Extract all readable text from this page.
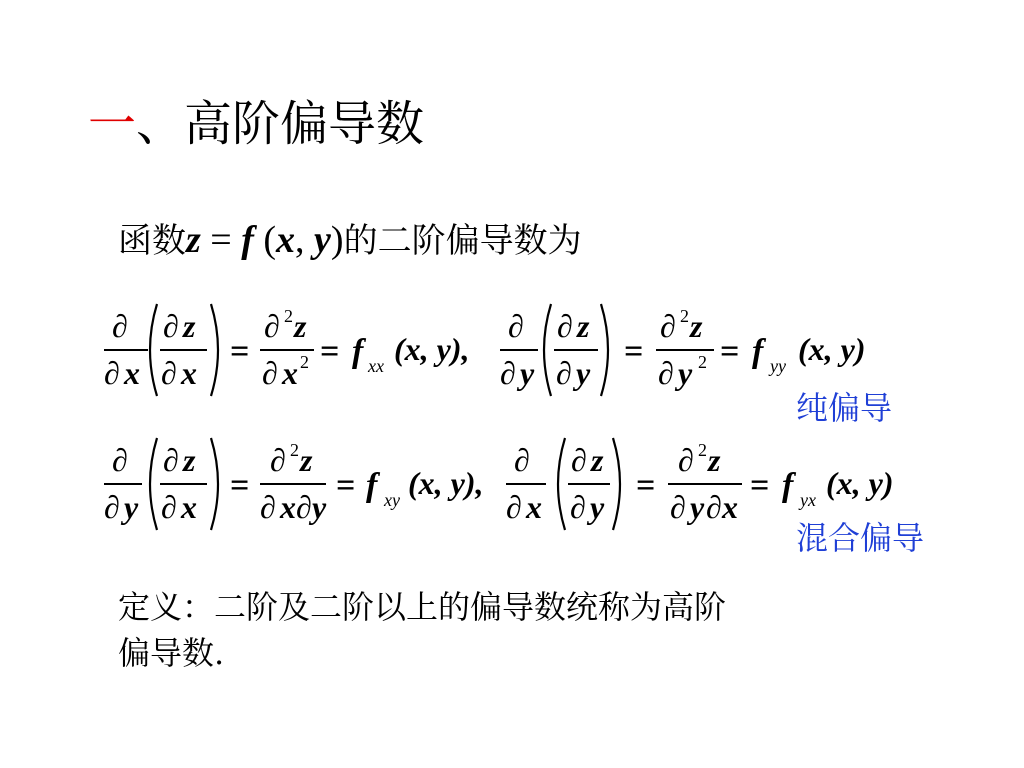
一、高阶偏导数
函数z = f (x, y)的二阶偏导数为
∂
∂ x
∂ z
∂ x
=
∂ 2 z
∂ x 2 = f xx (x, y),
∂
∂ y
∂ z
∂ y
=
∂ 2 z
∂ y 2 = f yy (x, y)
∂
∂ y
∂ z
∂ x
=
∂ 2 z
∂ x ∂ y
= f xy (x, y),
∂
∂ x
∂ z
∂ y
=
∂ 2 z
∂ y ∂ x
= f yx (x, y)
纯偏导
混合偏导
定义：二阶及二阶以上的偏导数统称为高阶
偏导数.
